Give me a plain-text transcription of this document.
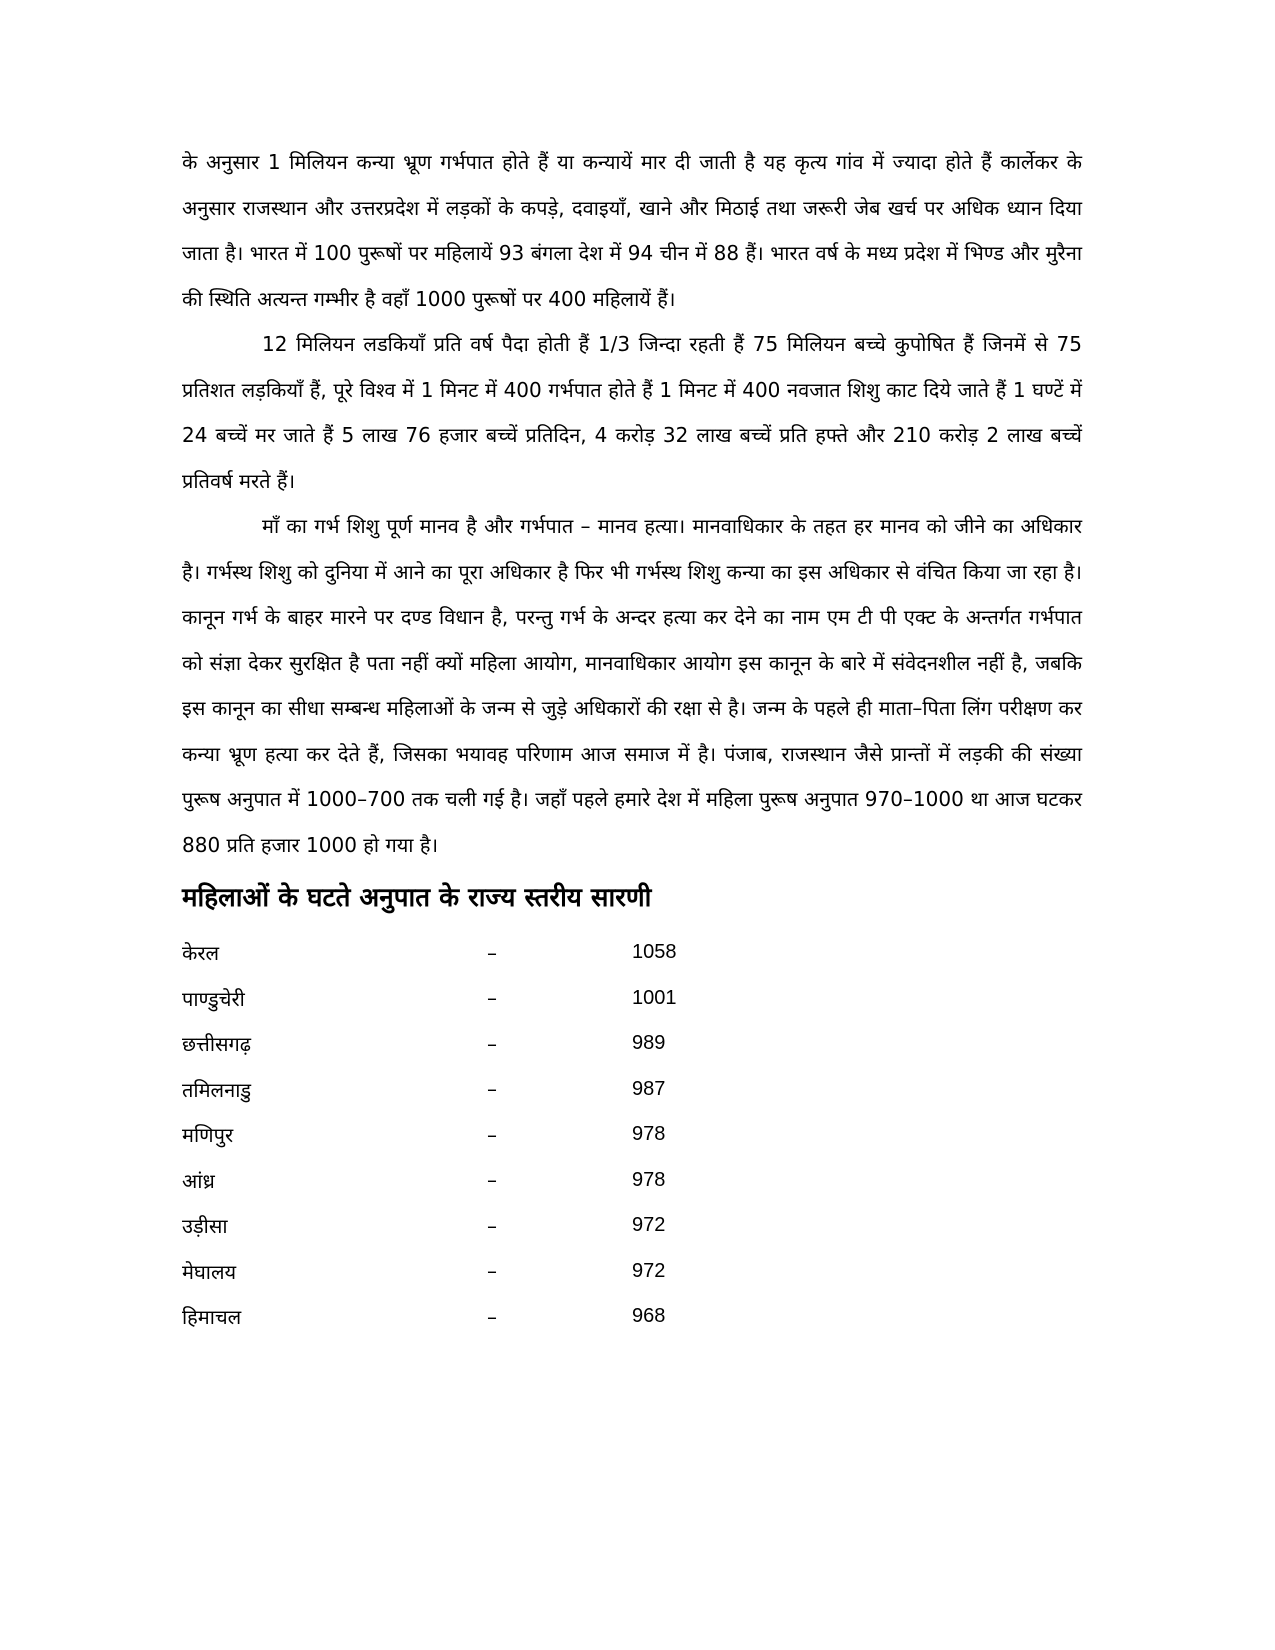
के अनुसार 1 मिलियन कन्या भ्रूण गर्भपात होते हैं या कन्यायें मार दी जाती है यह कृत्य गांव में ज्यादा होते हैं कार्लेकर के अनुसार राजस्थान और उत्तरप्रदेश में लड़कों के कपड़े, दवाइयाँ, खाने और मिठाई तथा जरूरी जेब खर्च पर अधिक ध्यान दिया जाता है। भारत में 100 पुरूषों पर महिलायें 93 बंगला देश में 94 चीन में 88 हैं। भारत वर्ष के मध्य प्रदेश में भिण्ड और मुरैना की स्थिति अत्यन्त गम्भीर है वहाँ 1000 पुरूषों पर 400 महिलायें हैं।

12 मिलियन लडकियाँ प्रति वर्ष पैदा होती हैं 1/3 जिन्दा रहती हैं 75 मिलियन बच्चे कुपोषित हैं जिनमें से 75 प्रतिशत लड़कियाँ हैं, पूरे विश्व में 1 मिनट में 400 गर्भपात होते हैं 1 मिनट में 400 नवजात शिशु काट दिये जाते हैं 1 घण्टें में 24 बच्चें मर जाते हैं 5 लाख 76 हजार बच्चें प्रतिदिन, 4 करोड़ 32 लाख बच्चें प्रति हफ्ते और 210 करोड़ 2 लाख बच्चें प्रतिवर्ष मरते हैं।

माँ का गर्भ शिशु पूर्ण मानव है और गर्भपात – मानव हत्या। मानवाधिकार के तहत हर मानव को जीने का अधिकार है। गर्भस्थ शिशु को दुनिया में आने का पूरा अधिकार है फिर भी गर्भस्थ शिशु कन्या का इस अधिकार से वंचित किया जा रहा है। कानून गर्भ के बाहर मारने पर दण्ड विधान है, परन्तु गर्भ के अन्दर हत्या कर देने का नाम एम टी पी एक्ट के अन्तर्गत गर्भपात को संज्ञा देकर सुरक्षित है पता नहीं क्यों महिला आयोग, मानवाधिकार आयोग इस कानून के बारे में संवेदनशील नहीं है, जबकि इस कानून का सीधा सम्बन्ध महिलाओं के जन्म से जुड़े अधिकारों की रक्षा से है। जन्म के पहले ही माता–पिता लिंग परीक्षण कर कन्या भ्रूण हत्या कर देते हैं, जिसका भयावह परिणाम आज समाज में है। पंजाब, राजस्थान जैसे प्रान्तों में लड़की की संख्या पुरूष अनुपात में 1000–700 तक चली गई है। जहाँ पहले हमारे देश में महिला पुरूष अनुपात 970–1000 था आज घटकर 880 प्रति हजार 1000 हो गया है।

महिलाओं के घटते अनुपात के राज्य स्तरीय सारणी
केरल	–	1058
पाण्डुचेरी	–	1001
छत्तीसगढ़	–	989
तमिलनाडु	–	987
मणिपुर	–	978
आंध्र	–	978
उड़ीसा	–	972
मेघालय	–	972
हिमाचल	–	968
